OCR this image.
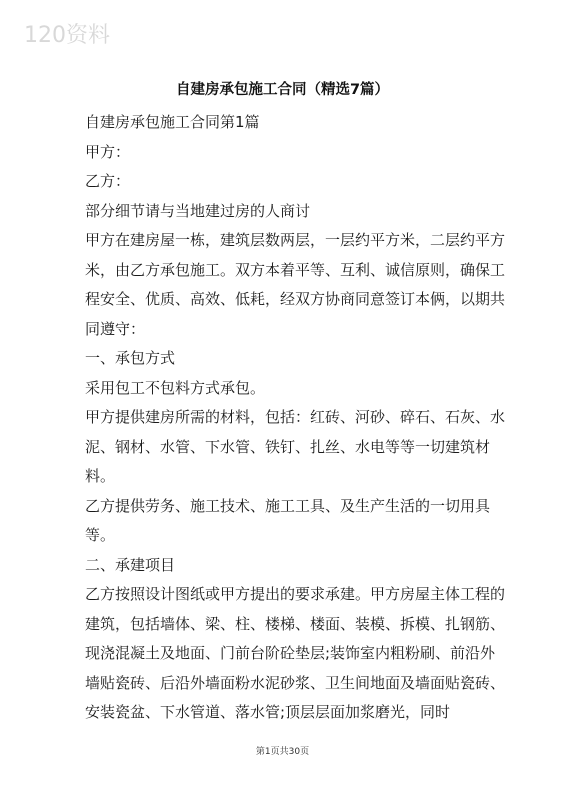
120资料
自建房承包施工合同（精选7篇）

自建房承包施工合同第1篇

甲方：

乙方：

部分细节请与当地建过房的人商讨

甲方在建房屋一栋，建筑层数两层，一层约平方米，二层约平方米，由乙方承包施工。双方本着平等、互利、诚信原则，确保工程安全、优质、高效、低耗，经双方协商同意签订本俩，以期共同遵守：

一、承包方式

采用包工不包料方式承包。

甲方提供建房所需的材料，包括：红砖、河砂、碎石、石灰、水泥、钢材、水管、下水管、铁钉、扎丝、水电等等一切建筑材料。

乙方提供劳务、施工技术、施工工具、及生产生活的一切用具等。

二、承建项目

乙方按照设计图纸或甲方提出的要求承建。甲方房屋主体工程的建筑，包括墙体、梁、柱、楼梯、楼面、装模、拆模、扎钢筋、现浇混凝土及地面、门前台阶砼垫层;装饰室内粗粉刷、前沿外墙贴瓷砖、后沿外墙面粉水泥砂浆、卫生间地面及墙面贴瓷砖、安装瓷盆、下水管道、落水管;顶层层面加浆磨光，同时

第1页共30页
